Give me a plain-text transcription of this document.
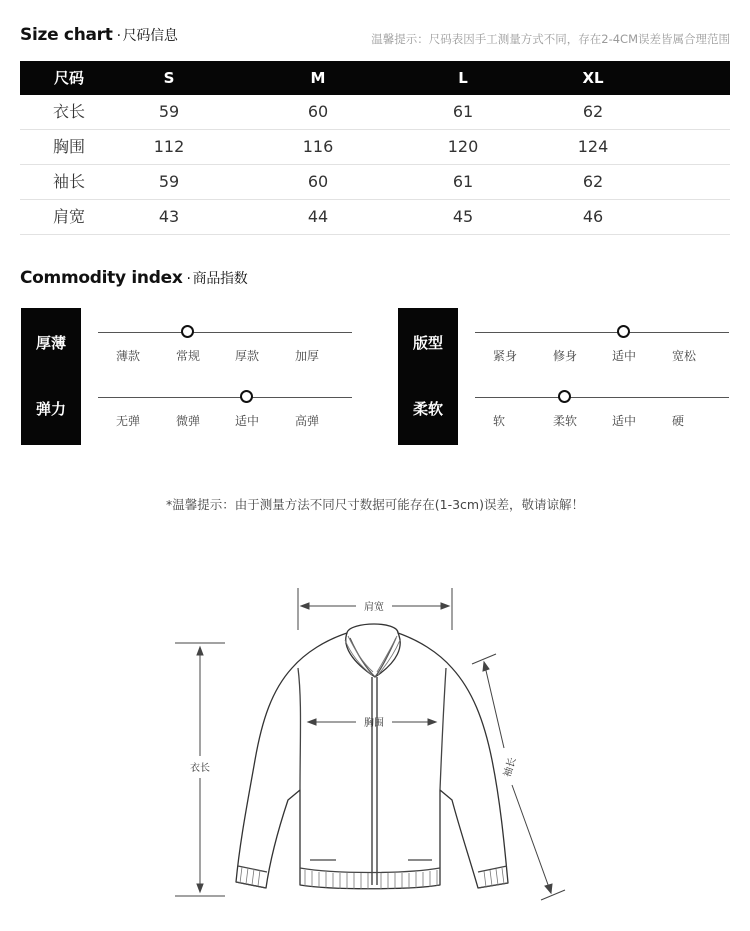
Size chart · 尺码信息	温馨提示：尺码表因手工测量方式不同，存在2-4CM误差皆属合理范围
尺码	S	M	L	XL
衣长	59	60	61	62
胸围	112	116	120	124
袖长	59	60	61	62
肩宽	43	44	45	46
Commodity index · 商品指数
厚薄
弹力
版型
柔软
薄款	常规	厚款	加厚
无弹	微弹	适中	高弹
紧身	修身	适中	宽松
软	柔软	适中	硬
*温馨提示：由于测量方法不同尺寸数据可能存在(1-3cm)误差，敬请谅解！
肩宽
胸围
衣长	袖长
